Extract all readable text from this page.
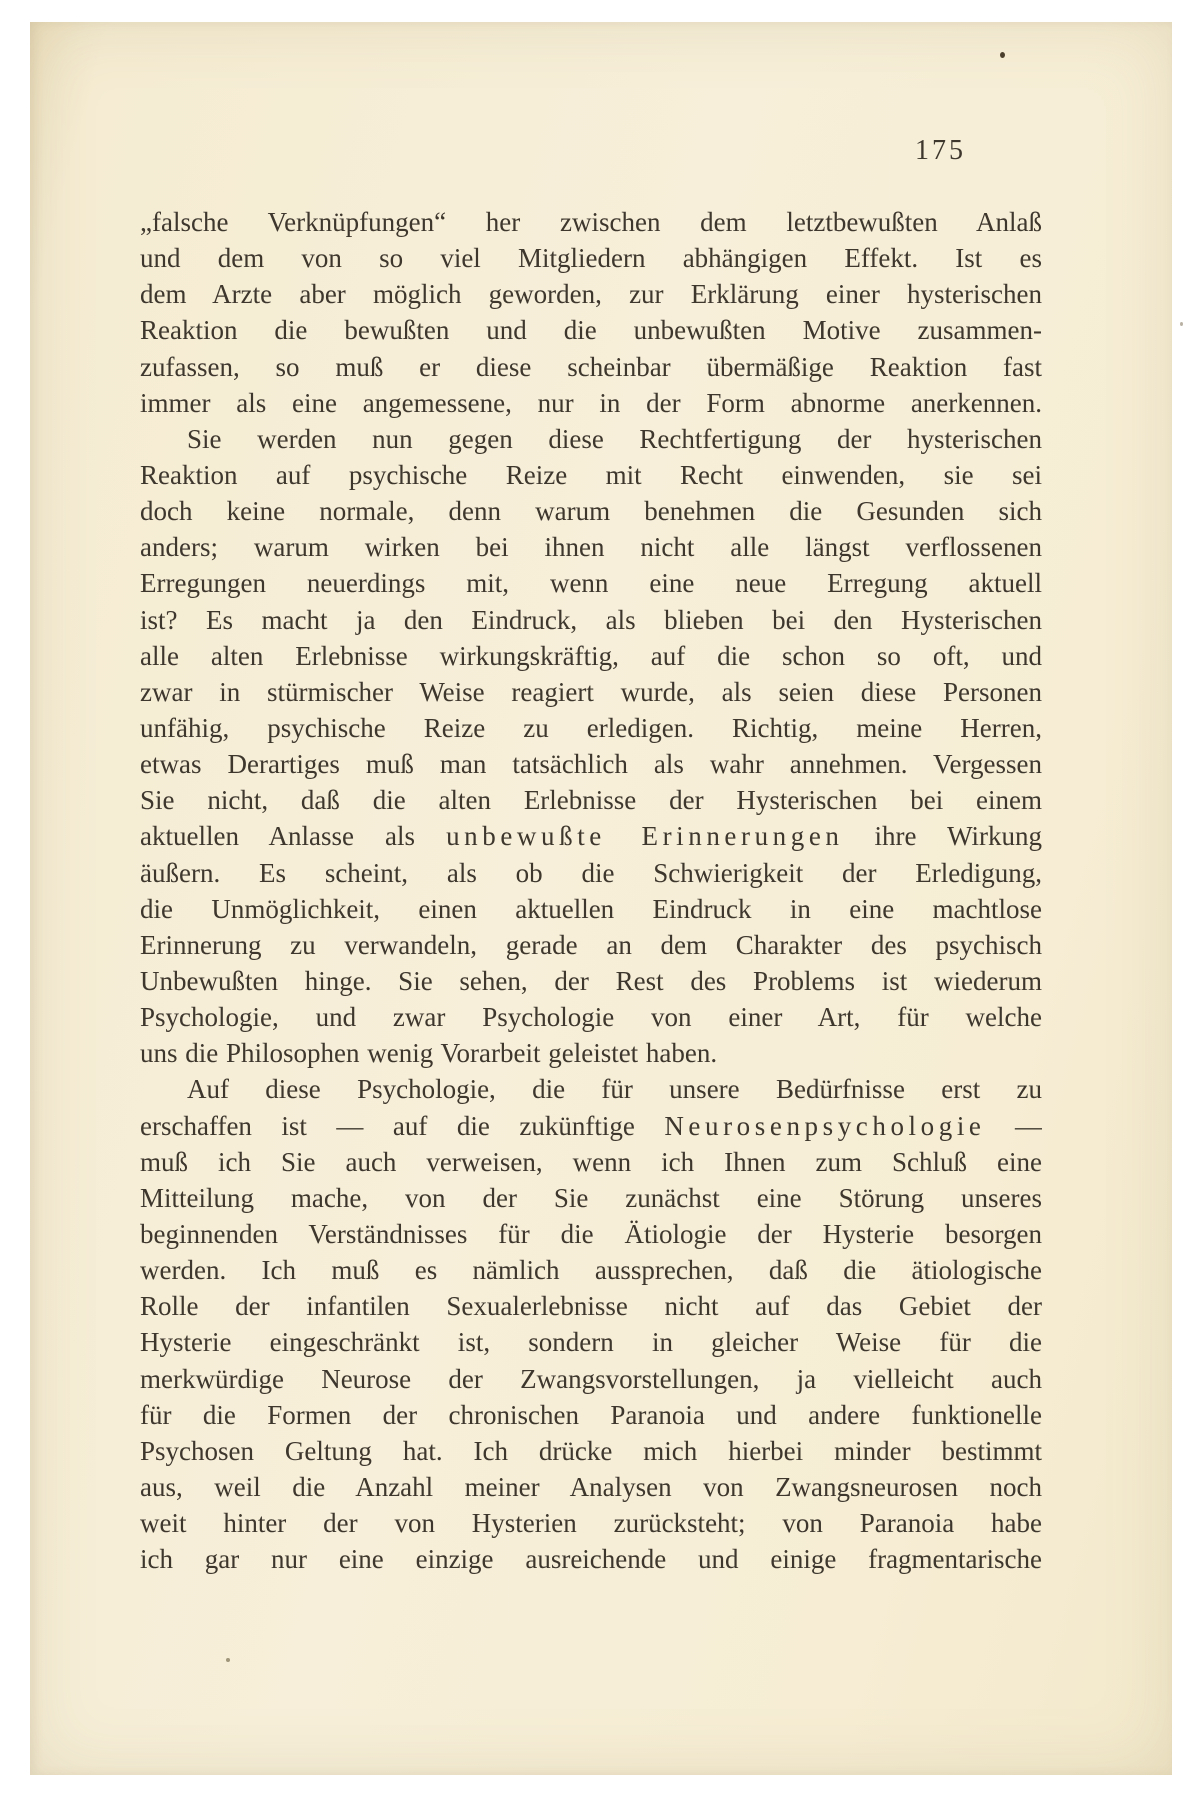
175
„falsche Verknüpfungen“ her zwischen dem letztbewußten Anlaß
und dem von so viel Mitgliedern abhängigen Effekt. Ist es
dem Arzte aber möglich geworden, zur Erklärung einer hysterischen
Reaktion die bewußten und die unbewußten Motive zusammen-
zufassen, so muß er diese scheinbar übermäßige Reaktion fast
immer als eine angemessene, nur in der Form abnorme anerkennen.
Sie werden nun gegen diese Rechtfertigung der hysterischen
Reaktion auf psychische Reize mit Recht einwenden, sie sei
doch keine normale, denn warum benehmen die Gesunden sich
anders; warum wirken bei ihnen nicht alle längst verflossenen
Erregungen neuerdings mit, wenn eine neue Erregung aktuell
ist? Es macht ja den Eindruck, als blieben bei den Hysterischen
alle alten Erlebnisse wirkungskräftig, auf die schon so oft, und
zwar in stürmischer Weise reagiert wurde, als seien diese Personen
unfähig, psychische Reize zu erledigen. Richtig, meine Herren,
etwas Derartiges muß man tatsächlich als wahr annehmen. Vergessen
Sie nicht, daß die alten Erlebnisse der Hysterischen bei einem
aktuellen Anlasse als unbewußte Erinnerungen ihre Wirkung
äußern. Es scheint, als ob die Schwierigkeit der Erledigung,
die Unmöglichkeit, einen aktuellen Eindruck in eine machtlose
Erinnerung zu verwandeln, gerade an dem Charakter des psychisch
Unbewußten hinge. Sie sehen, der Rest des Problems ist wiederum
Psychologie, und zwar Psychologie von einer Art, für welche
uns die Philosophen wenig Vorarbeit geleistet haben.
Auf diese Psychologie, die für unsere Bedürfnisse erst zu
erschaffen ist — auf die zukünftige Neurosenpsychologie —
muß ich Sie auch verweisen, wenn ich Ihnen zum Schluß eine
Mitteilung mache, von der Sie zunächst eine Störung unseres
beginnenden Verständnisses für die Ätiologie der Hysterie besorgen
werden. Ich muß es nämlich aussprechen, daß die ätiologische
Rolle der infantilen Sexualerlebnisse nicht auf das Gebiet der
Hysterie eingeschränkt ist, sondern in gleicher Weise für die
merkwürdige Neurose der Zwangsvorstellungen, ja vielleicht auch
für die Formen der chronischen Paranoia und andere funktionelle
Psychosen Geltung hat. Ich drücke mich hierbei minder bestimmt
aus, weil die Anzahl meiner Analysen von Zwangsneurosen noch
weit hinter der von Hysterien zurücksteht; von Paranoia habe
ich gar nur eine einzige ausreichende und einige fragmentarische
